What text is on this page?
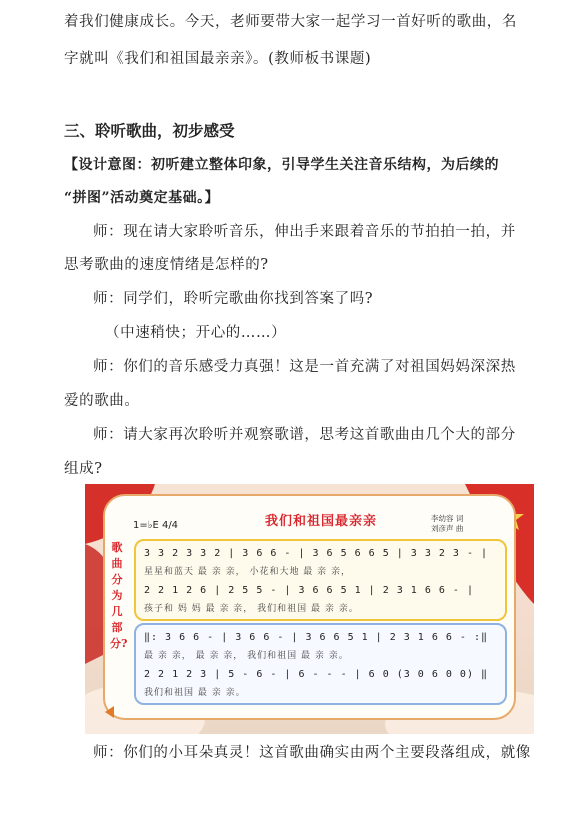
着我们健康成长。今天，老师要带大家一起学习一首好听的歌曲，名
字就叫《我们和祖国最亲亲》。(教师板书课题)
三、聆听歌曲，初步感受
【设计意图：初听建立整体印象，引导学生关注音乐结构，为后续的
“拼图”活动奠定基础。】
师：现在请大家聆听音乐，伸出手来跟着音乐的节拍拍一拍，并
思考歌曲的速度情绪是怎样的?
师：同学们，聆听完歌曲你找到答案了吗?
（中速稍快；开心的……）
师：你们的音乐感受力真强！这是一首充满了对祖国妈妈深深热
爱的歌曲。
师：请大家再次聆听并观察歌谱，思考这首歌曲由几个大的部分
组成?
1=♭E 4/4	我们和祖国最亲亲	李幼容 词
刘彦声 曲
歌曲分为几部分?
3 3 2 3 3 2 | 3 6 6 - | 3 6 5 6 6 5 | 3 3 2 3 - |
星星和蓝天 最 亲 亲， 小花和大地 最 亲 亲，
2 2 1 2 6 | 2 5 5 - | 3 6 6 5 1 | 2 3 1 6 6 - |
孩子和 妈 妈 最 亲 亲， 我们和祖国 最 亲 亲。
‖: 3 6 6 - | 3 6 6 - | 3 6 6 5 1 | 2 3 1 6 6 - :‖
最 亲 亲， 最 亲 亲， 我们和祖国 最 亲 亲。
2 2 1 2 3 | 5 - 6 - | 6 - - - | 6 0 (3 0 6 0 0) ‖
我们和祖国 最 亲 亲。
师：你们的小耳朵真灵！这首歌曲确实由两个主要段落组成，就像
